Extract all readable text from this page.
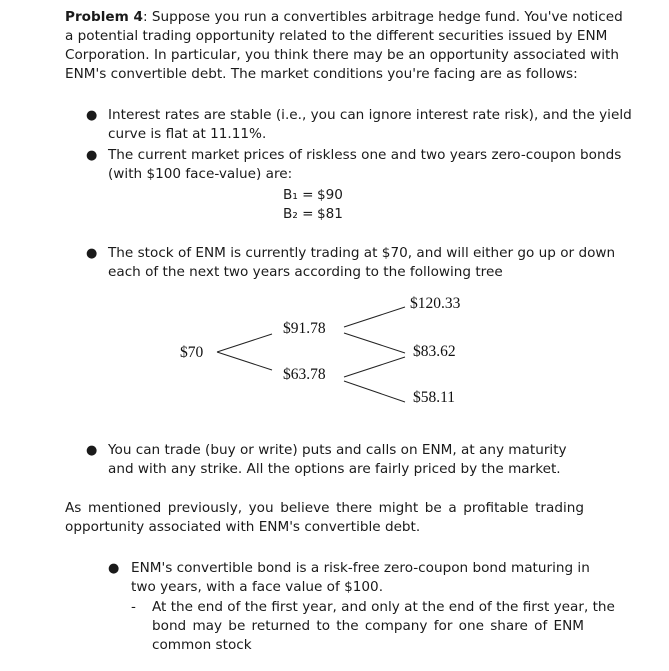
Problem 4: Suppose you run a convertibles arbitrage hedge fund. You've noticed
a potential trading opportunity related to the different securities issued by ENM
Corporation. In particular, you think there may be an opportunity associated with
ENM's convertible debt. The market conditions you're facing are as follows:
● Interest rates are stable (i.e., you can ignore interest rate risk), and the yield
curve is flat at 11.11%.
● The current market prices of riskless one and two years zero-coupon bonds
(with $100 face-value) are:
B₁ = $90
B₂ = $81
● The stock of ENM is currently trading at $70, and will either go up or down
each of the next two years according to the following tree
$70
$91.78
$63.78
$120.33
$83.62
$58.11
● You can trade (buy or write) puts and calls on ENM, at any maturity
and with any strike. All the options are fairly priced by the market.
As mentioned previously, you believe there might be a profitable trading
opportunity associated with ENM's convertible debt.
● ENM's convertible bond is a risk-free zero-coupon bond maturing in
two years, with a face value of $100.
- At the end of the first year, and only at the end of the first year, the
bond may be returned to the company for one share of ENM
common stock
